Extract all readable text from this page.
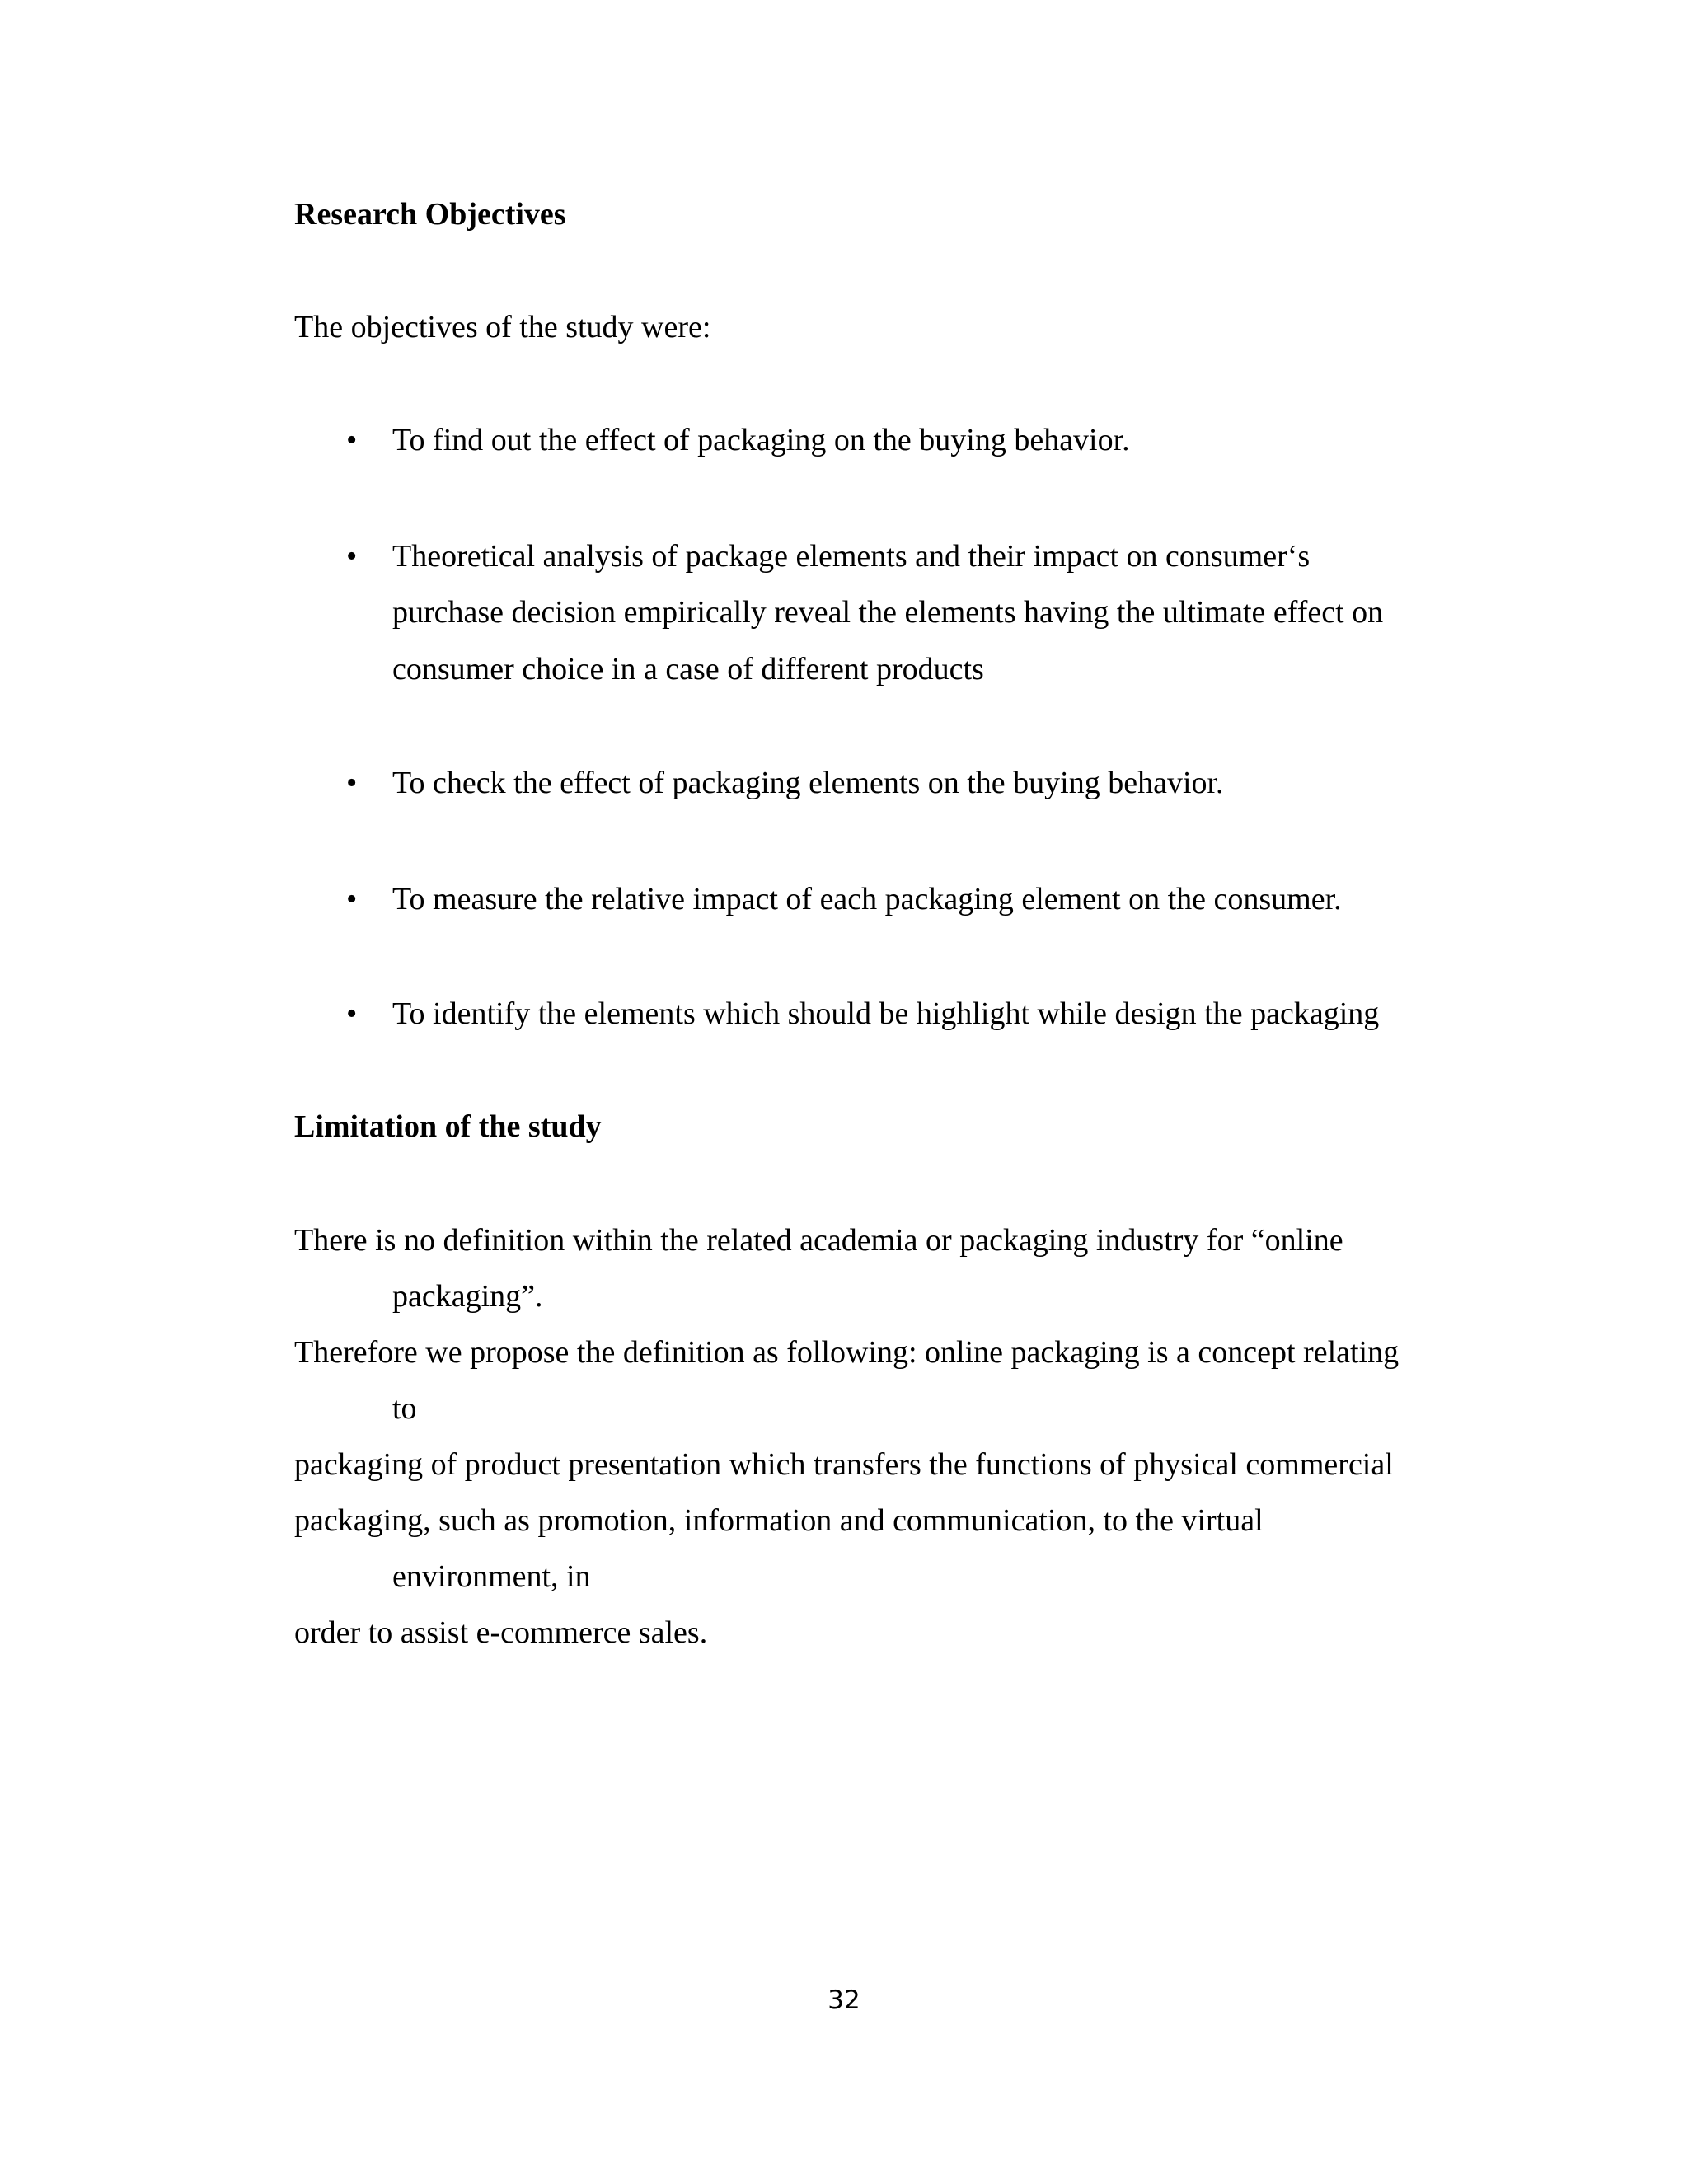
Research Objectives
The objectives of the study were:
• To find out the effect of packaging on the buying behavior.
• Theoretical analysis of package elements and their impact on consumer‘s
purchase decision empirically reveal the elements having the ultimate effect on
consumer choice in a case of different products
• To check the effect of packaging elements on the buying behavior.
• To measure the relative impact of each packaging element on the consumer.
• To identify the elements which should be highlight while design the packaging
Limitation of the study
There is no definition within the related academia or packaging industry for “online
packaging”.
Therefore we propose the definition as following: online packaging is a concept relating
to
packaging of product presentation which transfers the functions of physical commercial
packaging, such as promotion, information and communication, to the virtual
environment, in
order to assist e-commerce sales.
32
